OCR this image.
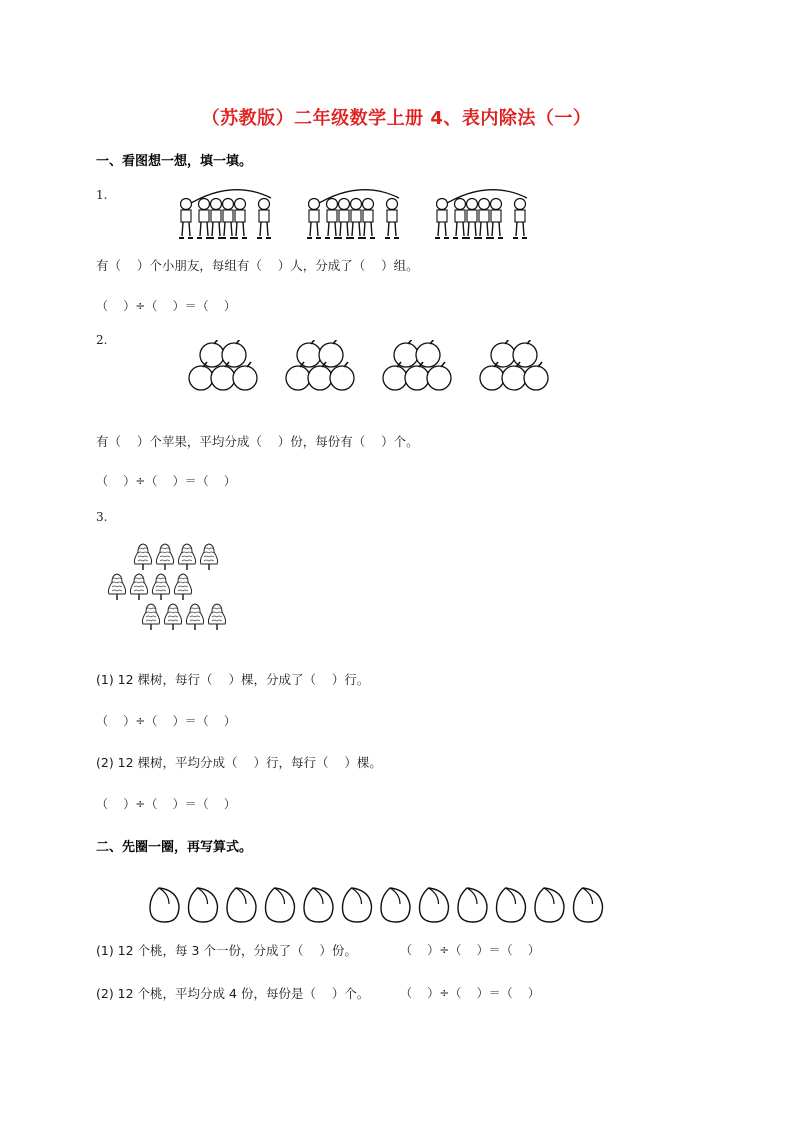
（苏教版）二年级数学上册 4、表内除法（一）
一、看图想一想，填一填。
1.
有（    ）个小朋友，每组有（    ）人，分成了（    ）组。
（    ）÷（    ）＝（    ）
2.
有（    ）个苹果，平均分成（    ）份，每份有（    ）个。
（    ）÷（    ）＝（    ）
3.
(1) 12 棵树，每行（    ）棵，分成了（    ）行。
（    ）÷（    ）＝（    ）
(2) 12 棵树，平均分成（    ）行，每行（    ）棵。
（    ）÷（    ）＝（    ）
二、先圈一圈，再写算式。
(1) 12 个桃，每 3 个一份，分成了（    ）份。	（    ）÷（    ）＝（    ）
(2) 12 个桃，平均分成 4 份，每份是（    ）个。	（    ）÷（    ）＝（    ）
